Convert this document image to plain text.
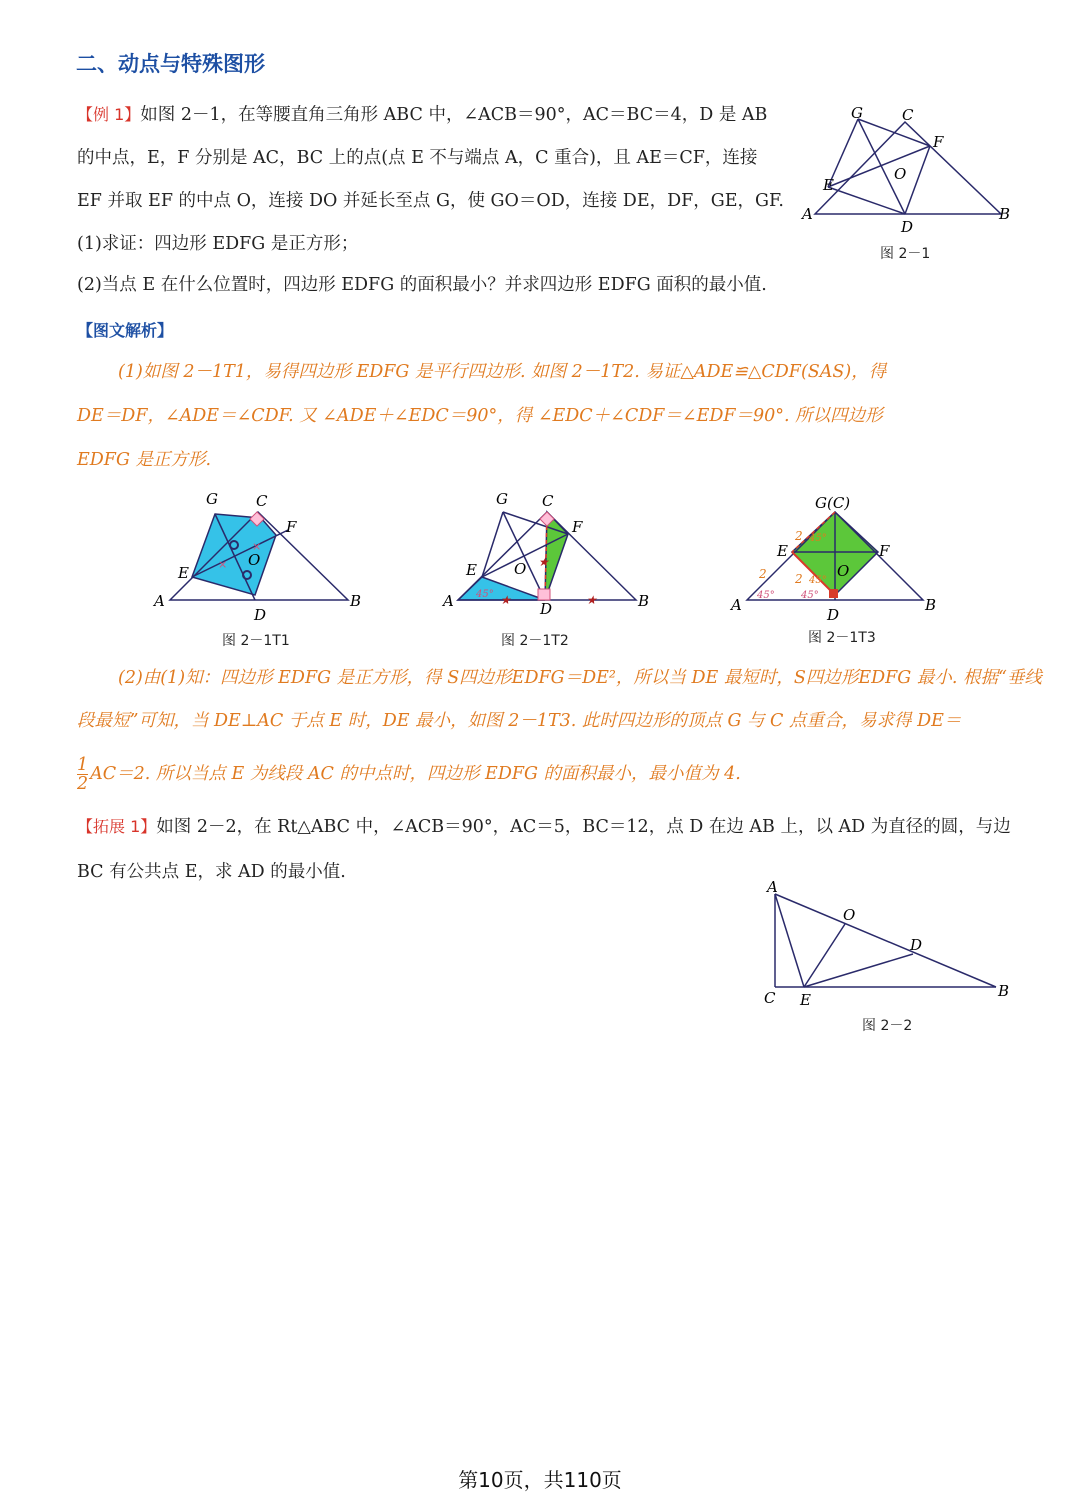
二、动点与特殊图形
【例 1】如图 2－1，在等腰直角三角形 ABC 中，∠ACB＝90°，AC＝BC＝4，D 是 AB
的中点，E，F 分别是 AC，BC 上的点(点 E 不与端点 A，C 重合)，且 AE＝CF，连接
EF 并取 EF 的中点 O，连接 DO 并延长至点 G，使 GO＝OD，连接 DE，DF，GE，GF.
(1)求证：四边形 EDFG 是正方形；
(2)当点 E 在什么位置时，四边形 EDFG 的面积最小？并求四边形 EDFG 面积的最小值.
G	C
F
O
E
A	B
D
图 2－1
【图文解析】
(1)如图 2－1T1，易得四边形 EDFG 是平行四边形. 如图 2－1T2. 易证△ADE≌△CDF(SAS)，得
DE＝DF，∠ADE＝∠CDF. 又 ∠ADE＋∠EDC＝90°，得 ∠EDC＋∠CDF＝∠EDF＝90°. 所以四边形
EDFG 是正方形.
×
×
G	C
F
O
E
A	B
D
图 2－1T1
45° ★	★
★
G C
F
O
E
A	B
D
图 2－1T2
2 45°
2 2 45°
45°	45°
G(C)
F
O
E
A	B
D
图 2－1T3
(2)由(1)知：四边形 EDFG 是正方形，得 S四边形EDFG＝DE²，所以当 DE 最短时，S四边形EDFG 最小. 根据“垂线
段最短”可知，当 DE⊥AC 于点 E 时，DE 最小，如图 2－1T3. 此时四边形的顶点 G 与 C 点重合，易求得 DE＝
$\frac{1}{2} AC=2$. 所以当点 E 为线段 AC 的中点时，四边形 EDFG 的面积最小，最小值为 4.
【拓展 1】如图 2－2，在 Rt△ABC 中，∠ACB＝90°，AC＝5，BC＝12，点 D 在边 AB 上，以 AD 为直径的圆，与边
BC 有公共点 E，求 AD 的最小值.
A
O
D
C E	B
图 2－2
第10页，共110页
